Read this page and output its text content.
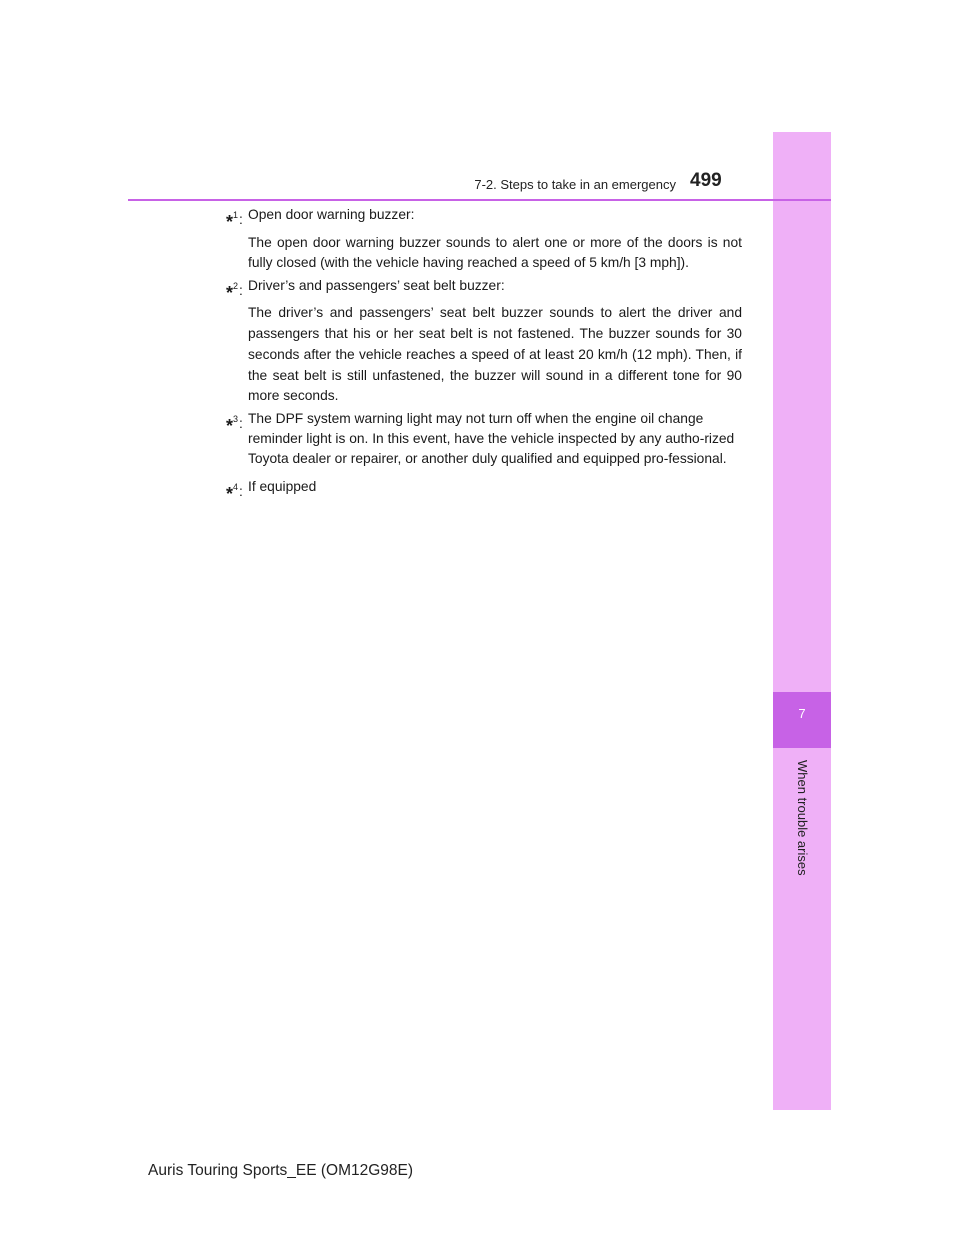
7
When trouble arises
7-2. Steps to take in an emergency 499
*$^1$: Open door warning buzzer:

The open door warning buzzer sounds to alert one or more of the doors is not fully closed (with the vehicle having reached a speed of 5 km/h [3 mph]).

*$^2$: Driver’s and passengers’ seat belt buzzer:

The driver’s and passengers’ seat belt buzzer sounds to alert the driver and passengers that his or her seat belt is not fastened. The buzzer sounds for 30 seconds after the vehicle reaches a speed of at least 20 km/h (12 mph). Then, if the seat belt is still unfastened, the buzzer will sound in a different tone for 90 more seconds.

*$^3$: The DPF system warning light may not turn off when the engine oil change reminder light is on. In this event, have the vehicle inspected by any autho-rized Toyota dealer or repairer, or another duly qualified and equipped pro-fessional.

*$^4$: If equipped

Auris Touring Sports_EE (OM12G98E)
